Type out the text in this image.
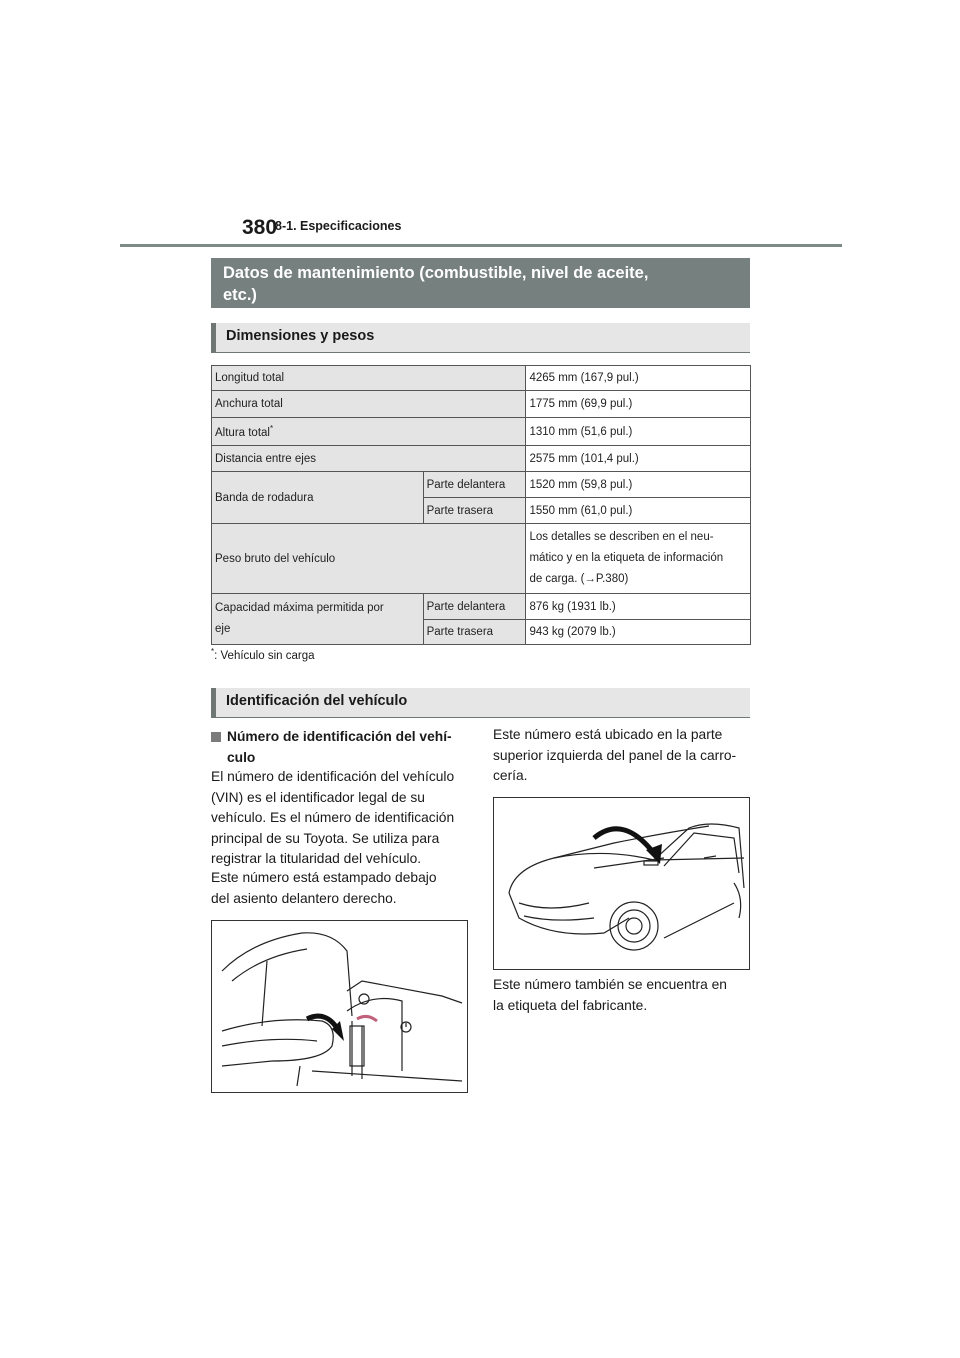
380
8-1. Especificaciones
Datos de mantenimiento (combustible, nivel de aceite,
etc.)
Dimensiones y pesos
Longitud total		4265 mm (167,9 pul.)
Anchura total		1775 mm (69,9 pul.)
Altura total*		1310 mm (51,6 pul.)
Distancia entre ejes		2575 mm (101,4 pul.)
Banda de rodadura	Parte delantera	1520 mm (59,8 pul.)
	Parte trasera	1550 mm (61,0 pul.)
Peso bruto del vehículo		Los detalles se describen en el neu-
mático y en la etiqueta de información
de carga. (→P.380)

Capacidad máxima permitida por
eje	Parte delantera	876 kg (1931 lb.)
	Parte trasera	943 kg (2079 lb.)
*: Vehículo sin carga
Identificación del vehículo
Número de identificación del vehí-
culo
El número de identificación del vehículo
(VIN) es el identificador legal de su
vehículo. Es el número de identificación
principal de su Toyota. Se utiliza para
registrar la titularidad del vehículo.
Este número está estampado debajo
del asiento delantero derecho.
Este número está ubicado en la parte
superior izquierda del panel de la carro-
cería.
Este número también se encuentra en
la etiqueta del fabricante.
